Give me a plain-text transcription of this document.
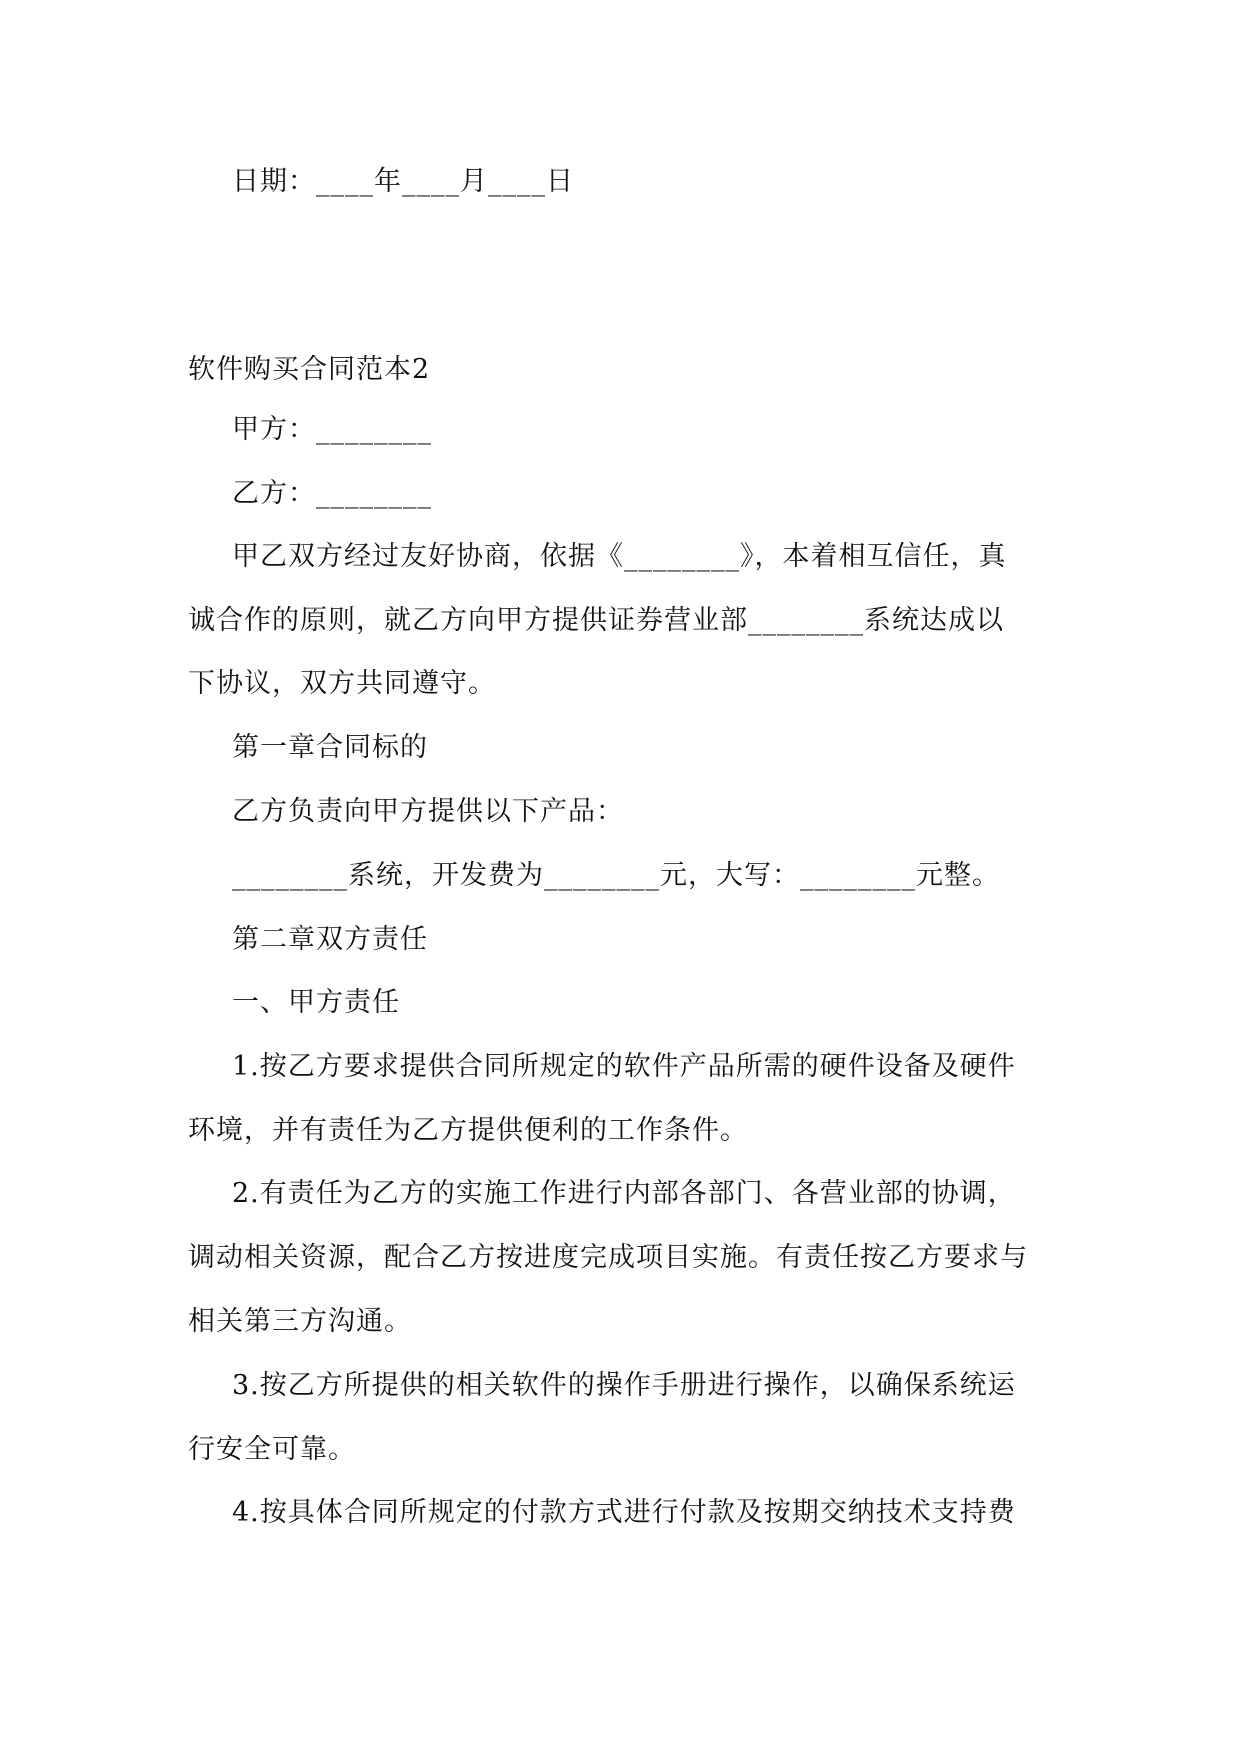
日期：____年____月____日
软件购买合同范本2
甲方：________
乙方：________
甲乙双方经过友好协商，依据《________》，本着相互信任，真
诚合作的原则，就乙方向甲方提供证券营业部________系统达成以
下协议，双方共同遵守。
第一章合同标的
乙方负责向甲方提供以下产品：
________系统，开发费为________元，大写：________元整。
第二章双方责任
一、甲方责任
1.按乙方要求提供合同所规定的软件产品所需的硬件设备及硬件
环境，并有责任为乙方提供便利的工作条件。
2.有责任为乙方的实施工作进行内部各部门、各营业部的协调，
调动相关资源，配合乙方按进度完成项目实施。有责任按乙方要求与
相关第三方沟通。
3.按乙方所提供的相关软件的操作手册进行操作，以确保系统运
行安全可靠。
4.按具体合同所规定的付款方式进行付款及按期交纳技术支持费
